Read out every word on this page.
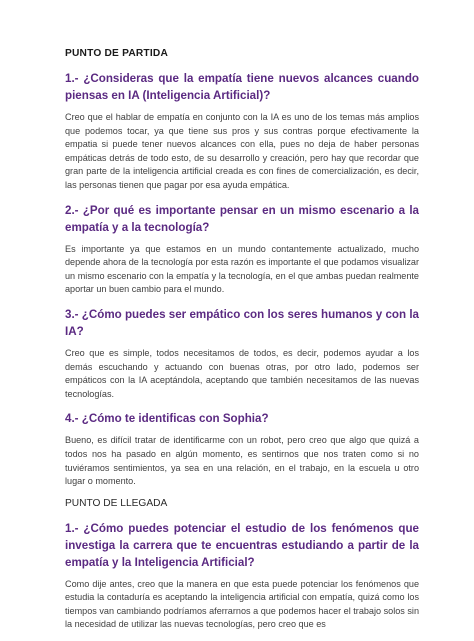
PUNTO DE PARTIDA
1.- ¿Consideras que la empatía tiene nuevos alcances cuando piensas en IA (Inteligencia Artificial)?
Creo que el hablar de empatía en conjunto con la IA es uno de los temas más amplios que podemos tocar, ya que tiene sus pros y sus contras porque efectivamente la empatia si puede tener nuevos alcances con ella, pues no deja de haber personas empáticas detrás de todo esto, de su desarrollo y creación, pero hay que recordar que gran parte de la inteligencia artificial creada es con fines de comercialización, es decir, las personas tienen que pagar por esa ayuda empática.
2.- ¿Por qué es importante pensar en un mismo escenario a la empatía y a la tecnología?
Es importante ya que estamos en un mundo contantemente actualizado, mucho depende ahora de la tecnología por esta razón es importante el que podamos visualizar un mismo escenario con la empatía y la tecnología, en el que ambas puedan realmente aportar un buen cambio para el mundo.
3.- ¿Cómo puedes ser empático con los seres humanos y con la IA?
Creo que es simple, todos necesitamos de todos, es decir, podemos ayudar a los demás escuchando y actuando con buenas otras, por otro lado, podemos ser empáticos con la IA aceptándola, aceptando que también necesitamos de las nuevas tecnologías.
4.- ¿Cómo te identificas con Sophia?
Bueno, es difícil tratar de identificarme con un robot, pero creo que algo que quizá a todos nos ha pasado en algún momento, es sentirnos que nos traten como si no tuviéramos sentimientos, ya sea en una relación, en el trabajo, en la escuela u otro lugar o momento.
PUNTO DE LLEGADA
1.- ¿Cómo puedes potenciar el estudio de los fenómenos que investiga la carrera que te encuentras estudiando a partir de la empatía y la Inteligencia Artificial?
Como dije antes, creo que la manera en que esta puede potenciar los fenómenos que estudia la contaduría es aceptando la inteligencia artificial con empatía, quizá como los tiempos van cambiando podríamos aferrarnos a que podemos hacer el trabajo solos sin la necesidad de utilizar las nuevas tecnologías, pero creo que es
